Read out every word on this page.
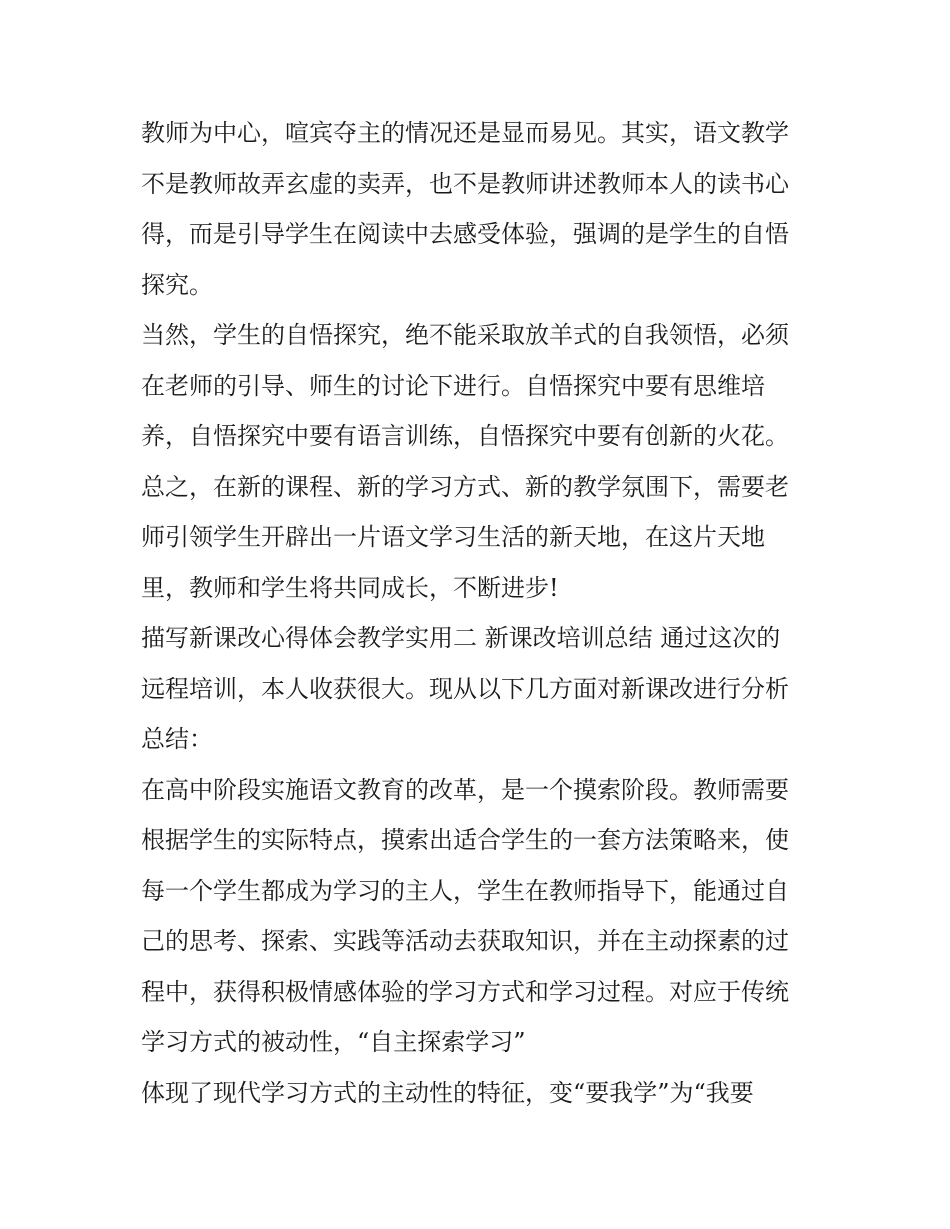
教师为中心，喧宾夺主的情况还是显而易见。其实，语文教学
不是教师故弄玄虚的卖弄，也不是教师讲述教师本人的读书心
得，而是引导学生在阅读中去感受体验，强调的是学生的自悟
探究。
当然，学生的自悟探究，绝不能采取放羊式的自我领悟，必须
在老师的引导、师生的讨论下进行。自悟探究中要有思维培
养，自悟探究中要有语言训练，自悟探究中要有创新的火花。
总之，在新的课程、新的学习方式、新的教学氛围下，需要老
师引领学生开辟出一片语文学习生活的新天地，在这片天地
里，教师和学生将共同成长，不断进步!
描写新课改心得体会教学实用二 新课改培训总结 通过这次的
远程培训，本人收获很大。现从以下几方面对新课改进行分析
总结：
在高中阶段实施语文教育的改革，是一个摸索阶段。教师需要
根据学生的实际特点，摸索出适合学生的一套方法策略来，使
每一个学生都成为学习的主人，学生在教师指导下，能通过自
己的思考、探索、实践等活动去获取知识，并在主动探素的过
程中，获得积极情感体验的学习方式和学习过程。对应于传统
学习方式的被动性，“自主探索学习”
体现了现代学习方式的主动性的特征，变“要我学”为“我要
